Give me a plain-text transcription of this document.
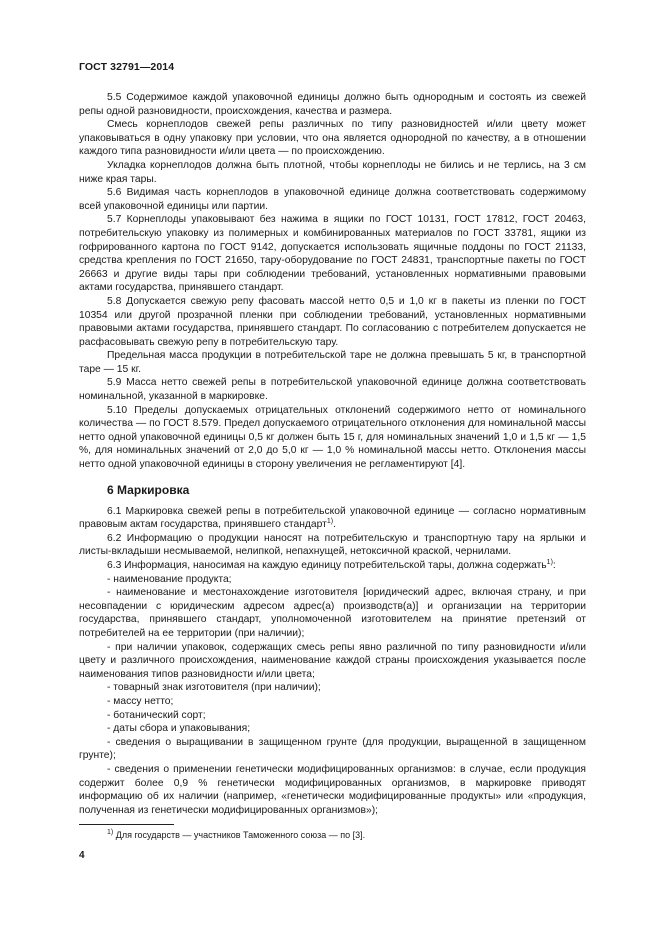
ГОСТ 32791—2014

5.5 Содержимое каждой упаковочной единицы должно быть однородным и состоять из свежей репы одной разновидности, происхождения, качества и размера.

Смесь корнеплодов свежей репы различных по типу разновидностей и/или цвету может упаковываться в одну упаковку при условии, что она является однородной по качеству, а в отношении каждого типа разновидности и/или цвета — по происхождению.

Укладка корнеплодов должна быть плотной, чтобы корнеплоды не бились и не терлись, на 3 см ниже края тары.

5.6 Видимая часть корнеплодов в упаковочной единице должна соответствовать содержимому всей упаковочной единицы или партии.

5.7 Корнеплоды упаковывают без нажима в ящики по ГОСТ 10131, ГОСТ 17812, ГОСТ 20463, потребительскую упаковку из полимерных и комбинированных материалов по ГОСТ 33781, ящики из гофрированного картона по ГОСТ 9142, допускается использовать ящичные поддоны по ГОСТ 21133, средства крепления по ГОСТ 21650, тару-оборудование по ГОСТ 24831, транспортные пакеты по ГОСТ 26663 и другие виды тары при соблюдении требований, установленных нормативными правовыми актами государства, принявшего стандарт.

5.8 Допускается свежую репу фасовать массой нетто 0,5 и 1,0 кг в пакеты из пленки по ГОСТ 10354 или другой прозрачной пленки при соблюдении требований, установленных нормативными правовыми актами государства, принявшего стандарт. По согласованию с потребителем допускается не расфасовывать свежую репу в потребительскую тару.

Предельная масса продукции в потребительской таре не должна превышать 5 кг, в транспортной таре — 15 кг.

5.9 Масса нетто свежей репы в потребительской упаковочной единице должна соответствовать номинальной, указанной в маркировке.

5.10 Пределы допускаемых отрицательных отклонений содержимого нетто от номинального количества — по ГОСТ 8.579. Предел допускаемого отрицательного отклонения для номинальной массы нетто одной упаковочной единицы 0,5 кг должен быть 15 г, для номинальных значений 1,0 и 1,5 кг — 1,5 %, для номинальных значений от 2,0 до 5,0 кг — 1,0 % номинальной массы нетто. Отклонения массы нетто одной упаковочной единицы в сторону увеличения не регламентируют [4].

6 Маркировка

6.1 Маркировка свежей репы в потребительской упаковочной единице — согласно нормативным правовым актам государства, принявшего стандарт$^{1)}$.

6.2 Информацию о продукции наносят на потребительскую и транспортную тару на ярлыки и листы-вкладыши несмываемой, нелипкой, непахнущей, нетоксичной краской, чернилами.

6.3 Информация, наносимая на каждую единицу потребительской тары, должна содержать$^{1)}$:

- наименование продукта;

- наименование и местонахождение изготовителя [юридический адрес, включая страну, и при несовпадении с юридическим адресом адрес(а) производств(а)] и организации на территории государства, принявшего стандарт, уполномоченной изготовителем на принятие претензий от потребителей на ее территории (при наличии);

- при наличии упаковок, содержащих смесь репы явно различной по типу разновидности и/или цвету и различного происхождения, наименование каждой страны происхождения указывается после наименования типов разновидности и/или цвета;

- товарный знак изготовителя (при наличии);

- массу нетто;

- ботанический сорт;

- даты сбора и упаковывания;

- сведения о выращивании в защищенном грунте (для продукции, выращенной в защищенном грунте);

- сведения о применении генетически модифицированных организмов: в случае, если продукция содержит более 0,9 % генетически модифицированных организмов, в маркировке приводят информацию об их наличии (например, «генетически модифицированные продукты» или «продукция, полученная из генетически модифицированных организмов»);

$^{1)}$ Для государств — участников Таможенного союза — по [3].
4
